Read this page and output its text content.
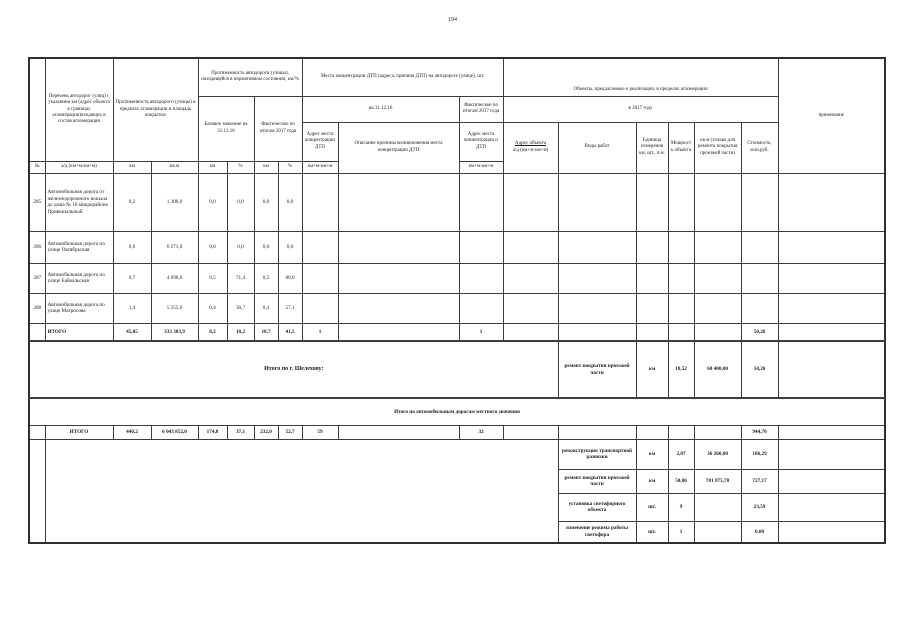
194
	Перечень автодорог (улиц) с указанием км (адрес объекта в границах агломерации)входящих в состав агломерации	Протяженность автодороги (улицы) в пределах агломерации и площадь покрытых		Протяженность автодороги (улицы), находящейся в нормативном состоянии, км/%				Места концентрации ДТП (адреса, причина ДТП) на автодороге (улице), шт.			Объекты, предлагаемые к реализации, в пределах агломерации						примечание
				Базовое значение на 31.12.16		Фактическое по итогам 2017 года		на 31.12.16		Фактическое по итогам 2017 года	в 2017 году						
								Адрес места концентрации ДТП	Описание причины возникновения места концентрации ДТП	Адрес места концентрации и ДТП	Адрес объекта
а/д (км+м-км+м)	Виды работ	Единица измерения км, шт., п.м.	Мощность объекта	кв.м (только для ремонта покрытия проезжей части)	Стоимость, млн.руб.	
№	а/д (км+м-км+м)	км	кв.м	км	%	км	%	км+м-км+м		км+м-км+м							
285	Автомобильная дорога от железнодорожного вокзала до дома № 18 микрорайона Привокзальный	0,2	1 300,0	0,0	0,0	0,0	0,0										
286	Автомобильная дорога по улице Октябрьская	0,9	6 271,0	0,0	0,0	0,0	0,0										
287	Автомобильная дорога по улице Байкальская	0,7	4 698,0	0,5	71,4	0,5	80,0										
288	Автомобильная дорога по улице Матросова	1,4	5 255,0	0,4	30,7	0,4	57,1										
	ИТОГО	45,05	333 383,9	8,2	18,2	18,7	41,5	1		1						50,26	
Итого по г. Шелехову:												ремонт покрытия проезжей части	км	10,52	60 400,00	50,26	
Итого по автомобильным дорогам местного значения																	
	ИТОГО	440,2	6 043 852,0	174,8	37,1	232,0	52,7	59		32						944,70	
												реконструкция транспортной развязки	км	2,07	36 260,00	186,29	
												ремонт покрытия проезжей части	км	50,06	701 875,70	727,17	
												установка светофорного объекта	шт.	9		23,59	
												изменение режима работы светофора	шт.	1		0,00	
